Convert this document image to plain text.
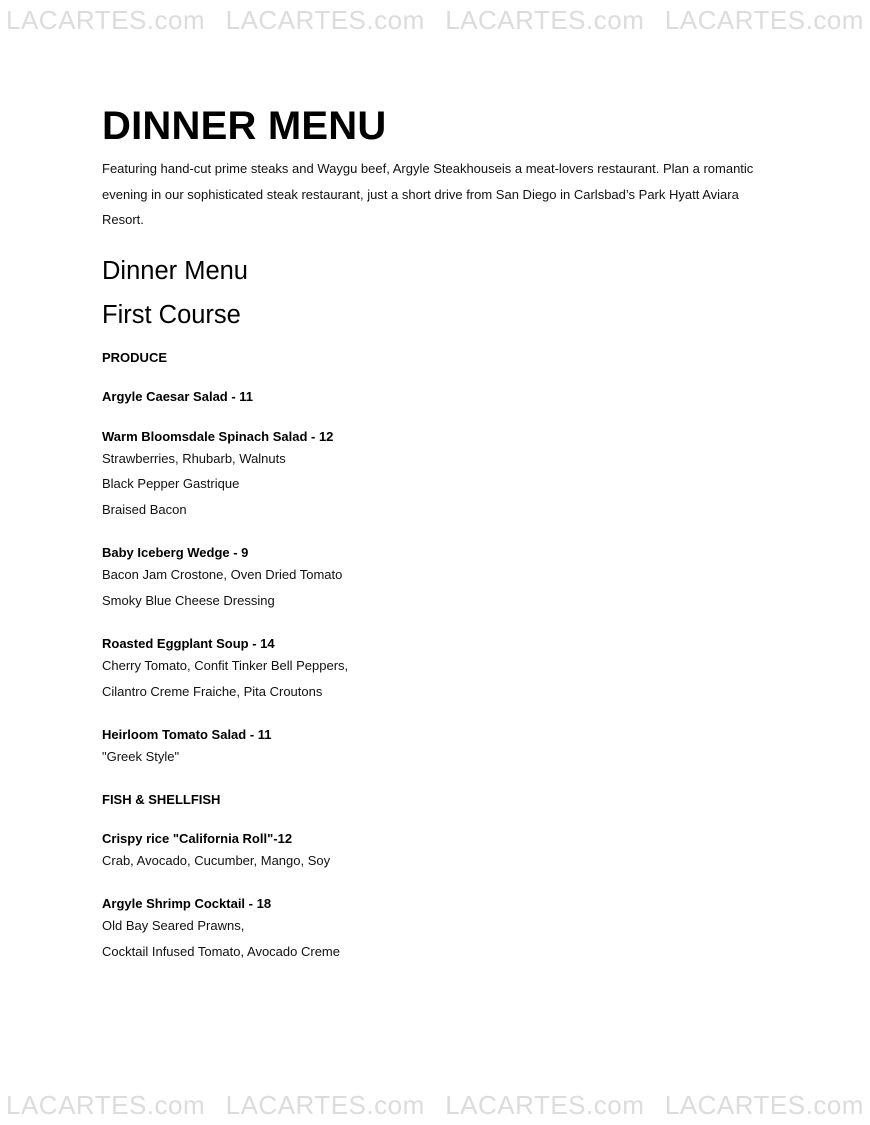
LACARTES.com LACARTES.com LACARTES.com LACARTES.com
DINNER MENU

Featuring hand-cut prime steaks and Waygu beef, Argyle Steakhouseis a meat-lovers restaurant. Plan a romantic evening in our sophisticated steak restaurant, just a short drive from San Diego in Carlsbad’s Park Hyatt Aviara Resort.

Dinner Menu
First Course
PRODUCE
Argyle Caesar Salad - 11
Warm Bloomsdale Spinach Salad - 12
Strawberries, Rhubarb, Walnuts
Black Pepper Gastrique
Braised Bacon
Baby Iceberg Wedge - 9
Bacon Jam Crostone, Oven Dried Tomato
Smoky Blue Cheese Dressing
Roasted Eggplant Soup - 14
Cherry Tomato, Confit Tinker Bell Peppers,
Cilantro Creme Fraiche, Pita Croutons
Heirloom Tomato Salad - 11
"Greek Style"
FISH & SHELLFISH
Crispy rice "California Roll"-12
Crab, Avocado, Cucumber, Mango, Soy
Argyle Shrimp Cocktail - 18
Old Bay Seared Prawns,
Cocktail Infused Tomato, Avocado Creme
LACARTES.com LACARTES.com LACARTES.com LACARTES.com
